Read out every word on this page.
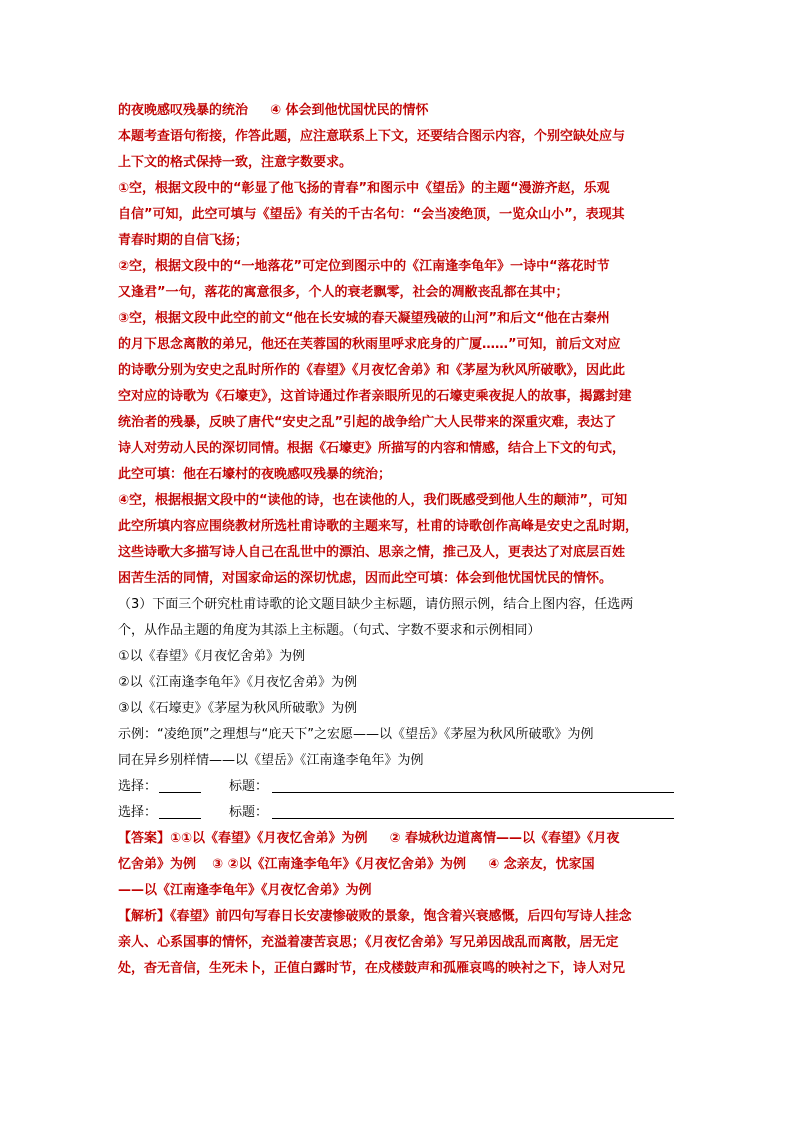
的夜晚感叹残暴的统治 ④ 体会到他忧国忧民的情怀
本题考查语句衔接，作答此题，应注意联系上下文，还要结合图示内容，个别空缺处应与
上下文的格式保持一致，注意字数要求。
①空，根据文段中的“彰显了他飞扬的青春”和图示中《望岳》的主题“漫游齐赵，乐观
自信”可知，此空可填与《望岳》有关的千古名句：“会当凌绝顶，一览众山小”，表现其
青春时期的自信飞扬；
②空，根据文段中的“一地落花”可定位到图示中的《江南逢李龟年》一诗中“落花时节
又逢君”一句，落花的寓意很多，个人的衰老飘零，社会的凋敝丧乱都在其中；
③空，根据文段中此空的前文“他在长安城的春天凝望残破的山河”和后文“他在古秦州
的月下思念离散的弟兄，他还在芙蓉国的秋雨里呼求庇身的广厦……”可知，前后文对应
的诗歌分别为安史之乱时所作的《春望》《月夜忆舍弟》和《茅屋为秋风所破歌》，因此此
空对应的诗歌为《石壕吏》，这首诗通过作者亲眼所见的石壕吏乘夜捉人的故事，揭露封建
统治者的残暴，反映了唐代“安史之乱”引起的战争给广大人民带来的深重灾难，表达了
诗人对劳动人民的深切同情。根据《石壕吏》所描写的内容和情感，结合上下文的句式，
此空可填：他在石壕村的夜晚感叹残暴的统治；
④空，根据根据文段中的“读他的诗，也在读他的人，我们既感受到他人生的颠沛”，可知
此空所填内容应围绕教材所选杜甫诗歌的主题来写，杜甫的诗歌创作高峰是安史之乱时期，
这些诗歌大多描写诗人自己在乱世中的漂泊、思亲之情，推己及人，更表达了对底层百姓
困苦生活的同情，对国家命运的深切忧虑，因而此空可填：体会到他忧国忧民的情怀。
（3）下面三个研究杜甫诗歌的论文题目缺少主标题，请仿照示例，结合上图内容，任选两
个，从作品主题的角度为其添上主标题。（句式、字数不要求和示例相同）
①以《春望》《月夜忆舍弟》为例
②以《江南逢李龟年》《月夜忆舍弟》为例
③以《石壕吏》《茅屋为秋风所破歌》为例
示例：“凌绝顶”之理想与“庇天下”之宏愿——以《望岳》《茅屋为秋风所破歌》为例
同在异乡别样情——以《望岳》《江南逢李龟年》为例
选择：	标题：
选择：	标题：
【答案】①①以《春望》《月夜忆舍弟》为例 ② 春城秋边道离情——以《春望》《月夜
忆舍弟》为例 ③ ②以《江南逢李龟年》《月夜忆舍弟》为例 ④ 念亲友，忧家国
——以《江南逢李龟年》《月夜忆舍弟》为例
【解析】《春望》前四句写春日长安凄惨破败的景象，饱含着兴衰感慨，后四句写诗人挂念
亲人、心系国事的情怀，充溢着凄苦哀思；《月夜忆舍弟》写兄弟因战乱而离散，居无定
处，杳无音信，生死未卜，正值白露时节，在戍楼鼓声和孤雁哀鸣的映衬之下，诗人对兄
